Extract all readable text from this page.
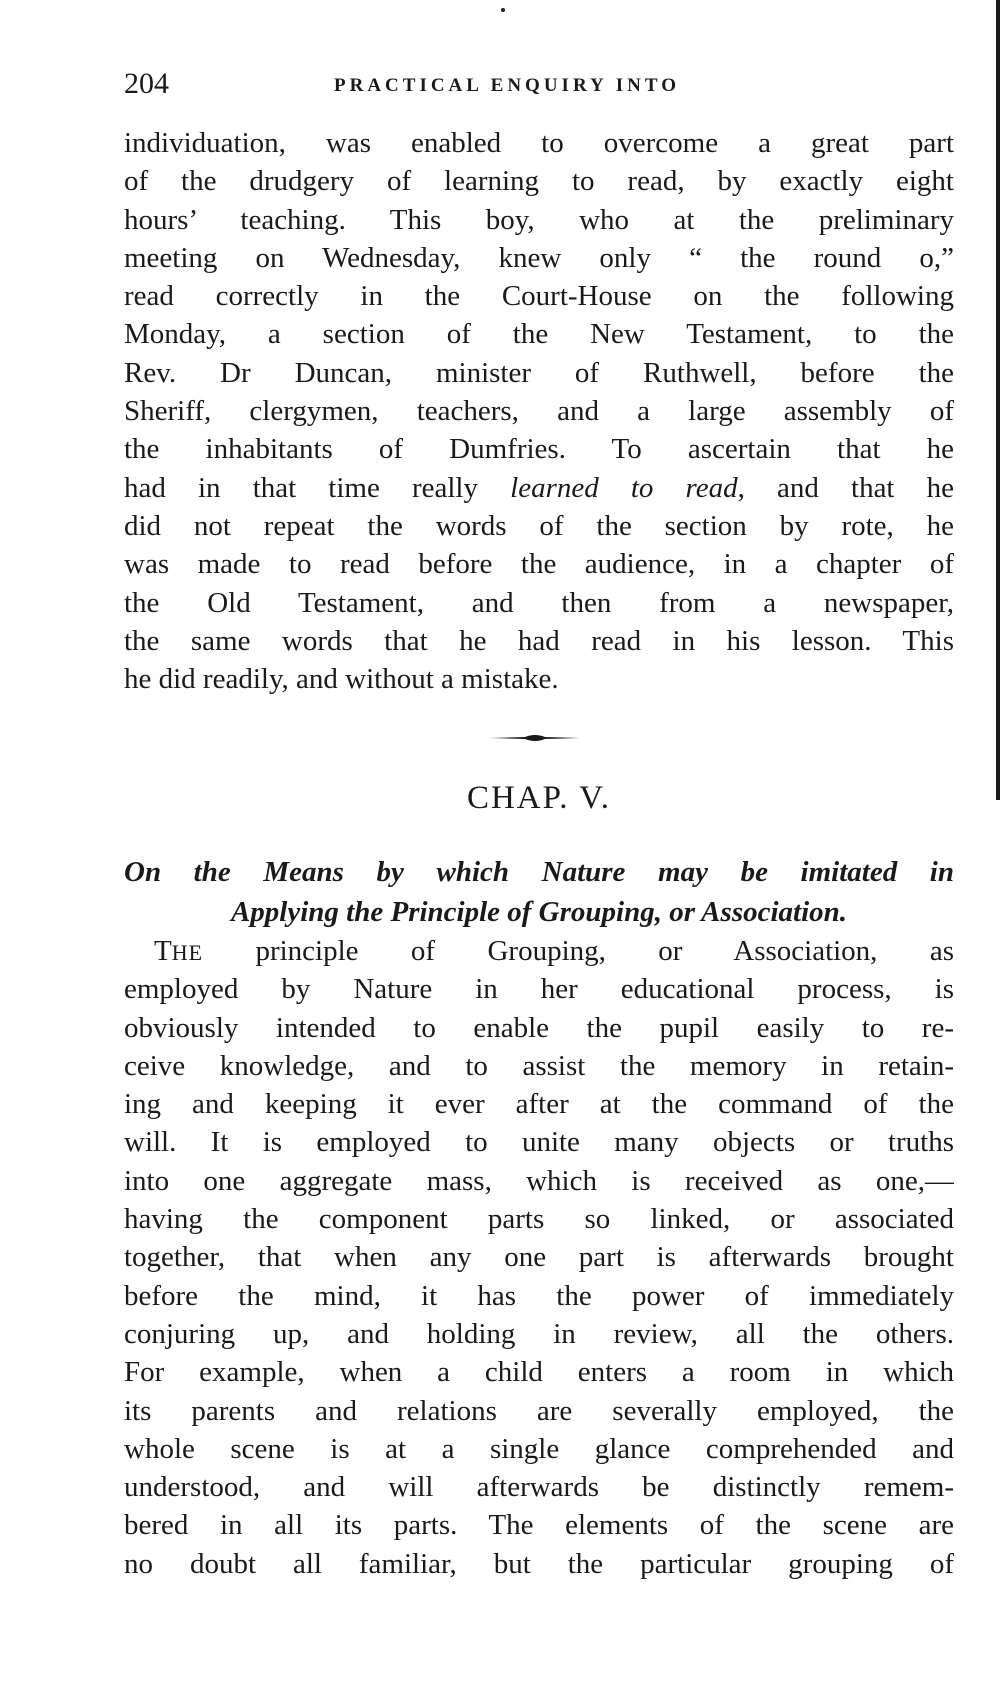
204	PRACTICAL ENQUIRY INTO
individuation, was enabled to overcome a great part
of the drudgery of learning to read, by exactly eight
hours’ teaching. This boy, who at the preliminary
meeting on Wednesday, knew only “ the round o,”
read correctly in the Court-House on the following
Monday, a section of the New Testament, to the
Rev. Dr Duncan, minister of Ruthwell, before the
Sheriff, clergymen, teachers, and a large assembly of
the inhabitants of Dumfries. To ascertain that he
had in that time really learned to read, and that he
did not repeat the words of the section by rote, he
was made to read before the audience, in a chapter of
the Old Testament, and then from a newspaper,
the same words that he had read in his lesson. This
he did readily, and without a mistake.
CHAP. V.
On the Means by which Nature may be imitated in
Applying the Principle of Grouping, or Association.
THE principle of Grouping, or Association, as
employed by Nature in her educational process, is
obviously intended to enable the pupil easily to re-
ceive knowledge, and to assist the memory in retain-
ing and keeping it ever after at the command of the
will. It is employed to unite many objects or truths
into one aggregate mass, which is received as one,—
having the component parts so linked, or associated
together, that when any one part is afterwards brought
before the mind, it has the power of immediately
conjuring up, and holding in review, all the others.
For example, when a child enters a room in which
its parents and relations are severally employed, the
whole scene is at a single glance comprehended and
understood, and will afterwards be distinctly remem-
bered in all its parts. The elements of the scene are
no doubt all familiar, but the particular grouping of
